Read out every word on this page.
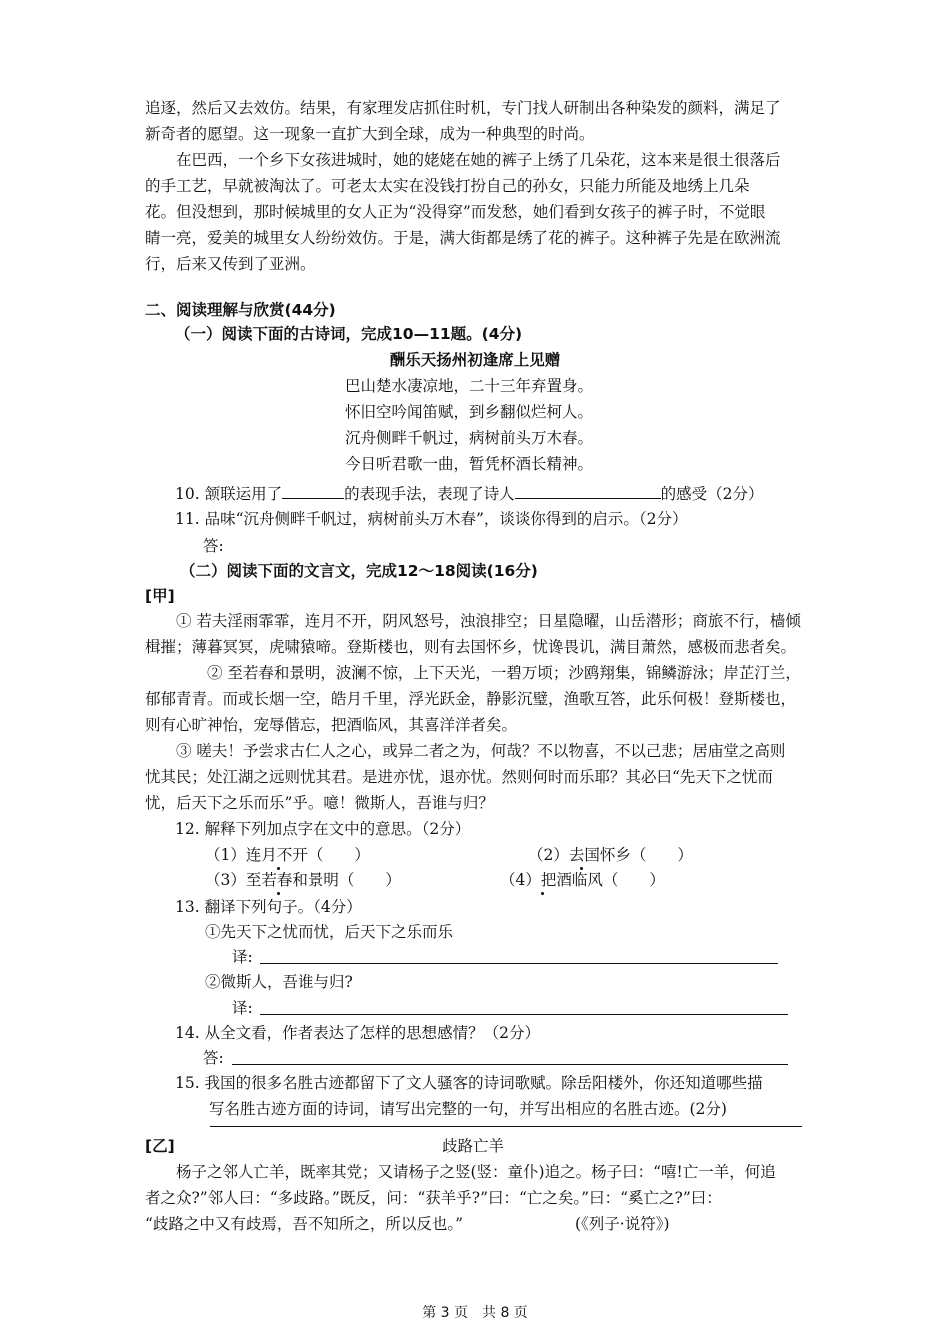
追逐，然后又去效仿。结果，有家理发店抓住时机，专门找人研制出各种染发的颜料，满足了
新奇者的愿望。这一现象一直扩大到全球，成为一种典型的时尚。
　　在巴西，一个乡下女孩进城时，她的姥姥在她的裤子上绣了几朵花，这本来是很土很落后
的手工艺，早就被淘汰了。可老太太实在没钱打扮自己的孙女，只能力所能及地绣上几朵
花。但没想到，那时候城里的女人正为“没得穿”而发愁，她们看到女孩子的裤子时，不觉眼
睛一亮，爱美的城里女人纷纷效仿。于是，满大街都是绣了花的裤子。这种裤子先是在欧洲流
行，后来又传到了亚洲。
二、阅读理解与欣赏(44分)
（一）阅读下面的古诗词，完成10—11题。(4分)
酬乐天扬州初逢席上见赠
巴山楚水凄凉地，二十三年弃置身。
怀旧空吟闻笛赋，到乡翻似烂柯人。
沉舟侧畔千帆过，病树前头万木春。
今日听君歌一曲，暂凭杯酒长精神。
10. 颔联运用了	的表现手法，表现了诗人	的感受（2分）
11. 品味“沉舟侧畔千帆过，病树前头万木春”，谈谈你得到的启示。（2分）
答:
（二）阅读下面的文言文，完成12～18阅读(16分)
[甲]
　　① 若夫淫雨霏霏，连月不开，阴风怒号，浊浪排空；日星隐曜，山岳潜形；商旅不行，樯倾
楫摧；薄暮冥冥，虎啸猿啼。登斯楼也，则有去国怀乡，忧谗畏讥，满目萧然，感极而悲者矣。
　　　　② 至若春和景明，波澜不惊，上下天光，一碧万顷；沙鸥翔集，锦鳞游泳；岸芷汀兰，
郁郁青青。而或长烟一空，皓月千里，浮光跃金，静影沉璧，渔歌互答，此乐何极！登斯楼也，
则有心旷神怡，宠辱偕忘，把酒临风，其喜洋洋者矣。
　　③ 嗟夫！予尝求古仁人之心，或异二者之为，何哉？不以物喜，不以己悲；居庙堂之高则
忧其民；处江湖之远则忧其君。是进亦忧，退亦忧。然则何时而乐耶？其必曰“先天下之忧而
忧，后天下之乐而乐”乎。噫！微斯人，吾谁与归？
12. 解释下列加点字在文中的意思。（2分）
（1）连月不开（　　）	（2）去国怀乡（　　）
（3）至若春和景明（　　）	（4）把酒临风（　　）
13. 翻译下列句子。（4分）
①先天下之忧而忧，后天下之乐而乐
译:
②微斯人，吾谁与归?
译:
14. 从全文看，作者表达了怎样的思想感情？（2分）
答:
15. 我国的很多名胜古迹都留下了文人骚客的诗词歌赋。除岳阳楼外，你还知道哪些描
写名胜古迹方面的诗词，请写出完整的一句，并写出相应的名胜古迹。(2分)
[乙]	歧路亡羊
　　杨子之邻人亡羊，既率其党；又请杨子之竖(竖：童仆)追之。杨子曰：“嘻!亡一羊，何追
者之众?”邻人曰：“多歧路。”既反，问：“获羊乎?”曰：“亡之矣。”曰：“奚亡之?”曰：
“歧路之中又有歧焉，吾不知所之，所以反也。”	(《列子·说符》)
第 3 页　共 8 页
